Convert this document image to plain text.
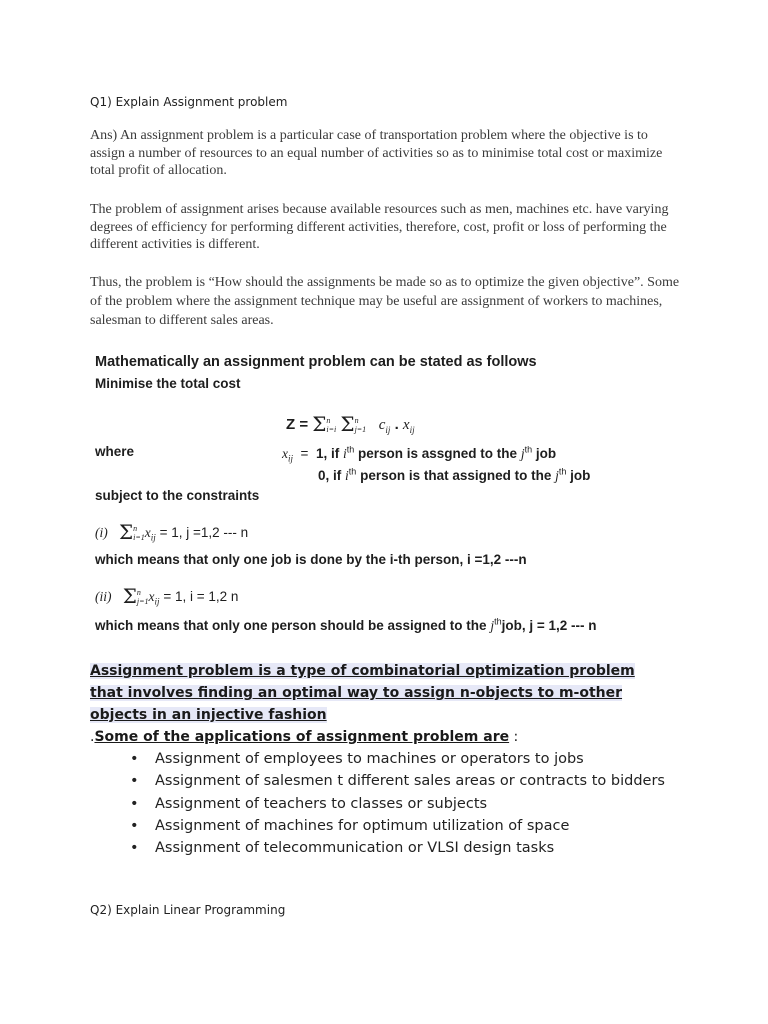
Q1) Explain Assignment problem

Ans) An assignment problem is a particular case of transportation problem where the objective is to assign a number of resources to an equal number of activities so as to minimise total cost or maximize total profit of allocation.

The problem of assignment arises because available resources such as men, machines etc. have varying degrees of efficiency for performing different activities, therefore, cost, profit or loss of performing the different activities is different.

Thus, the problem is “How should the assignments be made so as to optimize the given objective”. Some of the problem where the assignment technique may be useful are assignment of workers to machines, salesman to different sales areas.

Mathematically an assignment problem can be stated as follows
Minimise the total cost
Z = Σn
i=i Σn
j=1 $c_{ij}$ . $x_{ij}$
where	$x_{ij} = 1$, if $i^{th}$ person is assgned to the $j^{th}$ job
0, if $i^{th}$ person is that assigned to the $j^{th}$ job
subject to the constraints
(i) Σn
$i=1x_{ij} = 1$, j =1,2 --- n
which means that only one job is done by the i-th person, i =1,2 ---n
(ii) Σn
$j=1x_{ij} = 1$, i = 1,2 n
which means that only one person should be assigned to the $j^{th}job$, j = 1,2 --- n
Assignment problem is a type of combinatorial optimization problem that involves finding an optimal way to assign n-objects to m-other objects in an injective fashion
.Some of the applications of assignment problem are :
• Assignment of employees to machines or operators to jobs
• Assignment of salesmen t different sales areas or contracts to bidders
• Assignment of teachers to classes or subjects
• Assignment of machines for optimum utilization of space
• Assignment of telecommunication or VLSI design tasks
Q2) Explain Linear Programming
